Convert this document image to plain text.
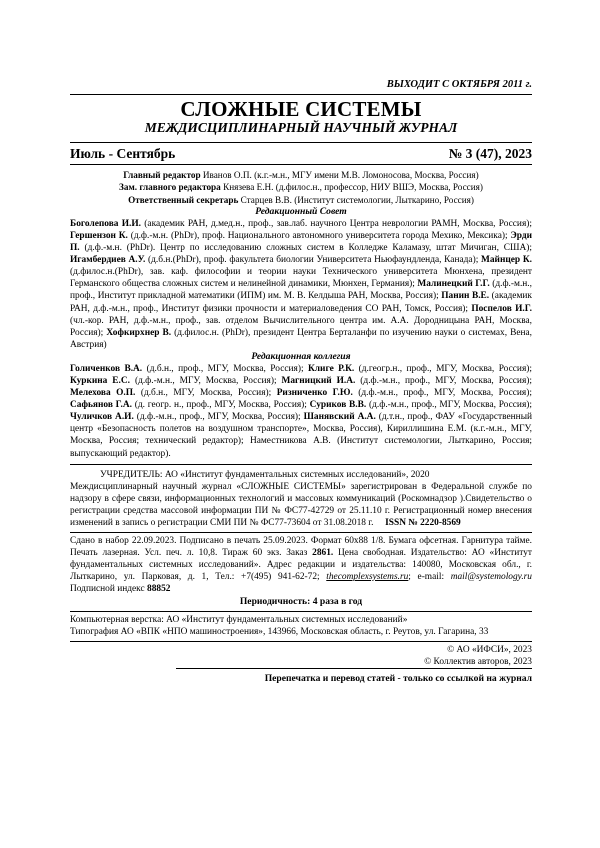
ВЫХОДИТ С ОКТЯБРЯ 2011 г.
СЛОЖНЫЕ СИСТЕМЫ
МЕЖДИСЦИПЛИНАРНЫЙ НАУЧНЫЙ ЖУРНАЛ
Июль - Сентябрь	№ 3 (47), 2023
Главный редактор Иванов О.П. (к.г.-м.н., МГУ имени М.В. Ломоносова, Москва, Россия)
Зам. главного редактора Князева Е.Н. (д.филос.н., профессор, НИУ ВШЭ, Москва, Россия)
Ответственный секретарь Старцев В.В. (Институт системологии, Лыткарино, Россия)
Редакционный Совет
Боголепова И.И. (академик РАН, д.мед.н., проф., зав.лаб. научного Центра неврологии РАМН, Москва, Россия); Гершензон К. (д.ф.-м.н. (PhDr), проф. Национального автономного университета города Мехико, Мексика); Эрди П. (д.ф.-м.н. (PhDr). Центр по исследованию сложных систем в Колледже Каламазу, штат Мичиган, США); Игамбердиев А.У. (д.б.н.(PhDr), проф. факультета биологии Университета Ньюфаундленда, Канада); Майнцер К. (д.филос.н.(PhDr), зав. каф. философии и теории науки Технического университета Мюнхена, президент Германского общества сложных систем и нелинейной динамики, Мюнхен, Германия); Малинецкий Г.Г. (д.ф.-м.н., проф., Институт прикладной математики (ИПМ) им. М. В. Келдыша РАН, Москва, Россия); Панин В.Е. (академик РАН, д.ф.-м.н., проф., Институт физики прочности и материаловедения СО РАН, Томск, Россия); Поспелов И.Г. (чл.-кор. РАН, д.ф.-м.н., проф., зав. отделом Вычислительного центра им. А.А. Дородницына РАН, Москва, Россия); Хофкирхнер В. (д.филос.н. (PhDr), президент Центра Берталанфи по изучению науки о системах, Вена, Австрия)
Редакционная коллегия
Голиченков В.А. (д.б.н., проф., МГУ, Москва, Россия); Клиге Р.К. (д.геогр.н., проф., МГУ, Москва, Россия); Куркина Е.С. (д.ф.-м.н., МГУ, Москва, Россия); Магницкий И.А. (д.ф.-м.н., проф., МГУ, Москва, Россия); Мелехова О.П. (д.б.н., МГУ, Москва, Россия); Ризниченко Г.Ю. (д.ф.-м.н., проф., МГУ, Москва, Россия); Сафьянов Г.А. (д. геогр. н., проф., МГУ, Москва, Россия); Суриков В.В. (д.ф.-м.н., проф., МГУ, Москва, Россия); Чуличков А.И. (д.ф.-м.н., проф., МГУ, Москва, Россия); Шанявский А.А. (д.т.н., проф., ФАУ «Государственный центр «Безопасность полетов на воздушном транспорте», Москва, Россия), Кириллишина Е.М. (к.г.-м.н., МГУ, Москва, Россия; технический редактор); Наместникова А.В. (Институт системологии, Лыткарино, Россия; выпускающий редактор).
УЧРЕДИТЕЛЬ: АО «Институт фундаментальных системных исследований», 2020
Междисциплинарный научный журнал «СЛОЖНЫЕ СИСТЕМЫ» зарегистрирован в Федеральной службе по надзору в сфере связи, информационных технологий и массовых коммуникаций (Роскомнадзор ).Свидетельство о регистрации средства массовой информации ПИ № ФС77-42729 от 25.11.10 г. Регистрационный номер внесения изменений в запись о регистрации СМИ ПИ № ФС77-73604 от 31.08.2018 г. ISSN № 2220-8569
Сдано в набор 22.09.2023. Подписано в печать 25.09.2023. Формат 60х88 1/8. Бумага офсетная. Гарнитура тайме. Печать лазерная. Усл. печ. л. 10,8. Тираж 60 экз. Заказ 2861. Цена свободная. Издательство: АО «Институт фундаментальных системных исследований». Адрес редакции и издательства: 140080, Московская обл., г. Лыткарино, ул. Парковая, д. 1, Тел.: +7(495) 941-62-72; thecomplexsystems.ru; e-mail: mail@systemology.ru Подписной индекс 88852
Периодичность: 4 раза в год
Компьютерная верстка: АО «Институт фундаментальных системных исследований»
Типография АО «ВПК «НПО машиностроения», 143966, Московская область, г. Реутов, ул. Гагарина, 33
© АО «ИФСИ», 2023
© Коллектив авторов, 2023
Перепечатка и перевод статей - только со ссылкой на журнал
